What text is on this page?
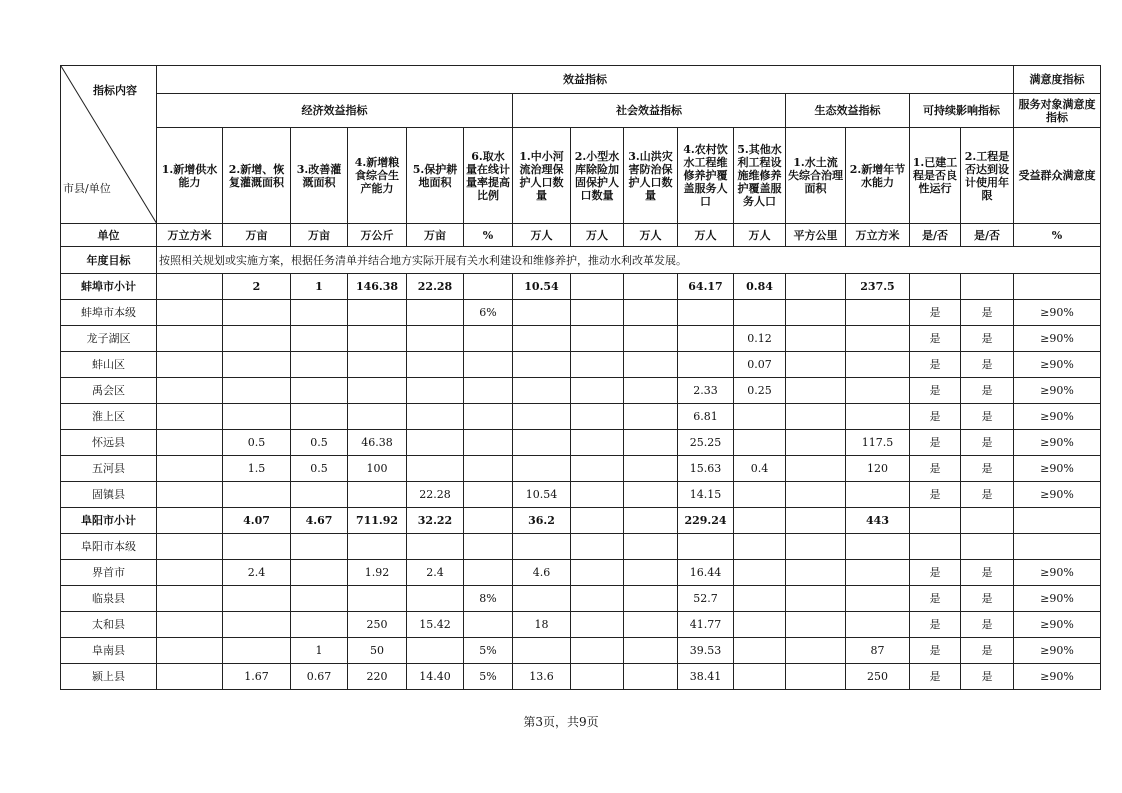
指标内容
市县/单位	效益指标															满意度指标
	经济效益指标						社会效益指标					生态效益指标		可持续影响指标		服务对象满意度指标
	1.新增供水能力	2.新增、恢复灌溉面积	3.改善灌溉面积	4.新增粮食综合生产能力	5.保护耕地面积	6.取水量在线计量率提高比例	1.中小河流治理保护人口数量	2.小型水库除险加固保护人口数量	3.山洪灾害防治保护人口数量	4.农村饮水工程维修养护覆盖服务人口	5.其他水利工程设施维修养护覆盖服务人口	1.水土流失综合治理面积	2.新增年节水能力	1.已建工程是否良性运行	2.工程是否达到设计使用年限	受益群众满意度
单位	万立方米	万亩	万亩	万公斤	万亩	%	万人	万人	万人	万人	万人	平方公里	万立方米	是/否	是/否	%
年度目标	按照相关规划或实施方案，根据任务清单并结合地方实际开展有关水利建设和维修养护，推动水利改革发展。															
蚌埠市小计		2	1	146.38	22.28		10.54			64.17	0.84		237.5			
蚌埠市本级						6%								是	是	≥90%
龙子湖区											0.12			是	是	≥90%
蚌山区											0.07			是	是	≥90%
禹会区										2.33	0.25			是	是	≥90%
淮上区										6.81				是	是	≥90%
怀远县		0.5	0.5	46.38						25.25			117.5	是	是	≥90%
五河县		1.5	0.5	100						15.63	0.4		120	是	是	≥90%
固镇县					22.28		10.54			14.15				是	是	≥90%
阜阳市小计		4.07	4.67	711.92	32.22		36.2			229.24			443			
阜阳市本级																
界首市		2.4		1.92	2.4		4.6			16.44				是	是	≥90%
临泉县						8%				52.7				是	是	≥90%
太和县				250	15.42		18			41.77				是	是	≥90%
阜南县			1	50		5%				39.53			87	是	是	≥90%
颍上县		1.67	0.67	220	14.40	5%	13.6			38.41			250	是	是	≥90%
第3页，共9页
